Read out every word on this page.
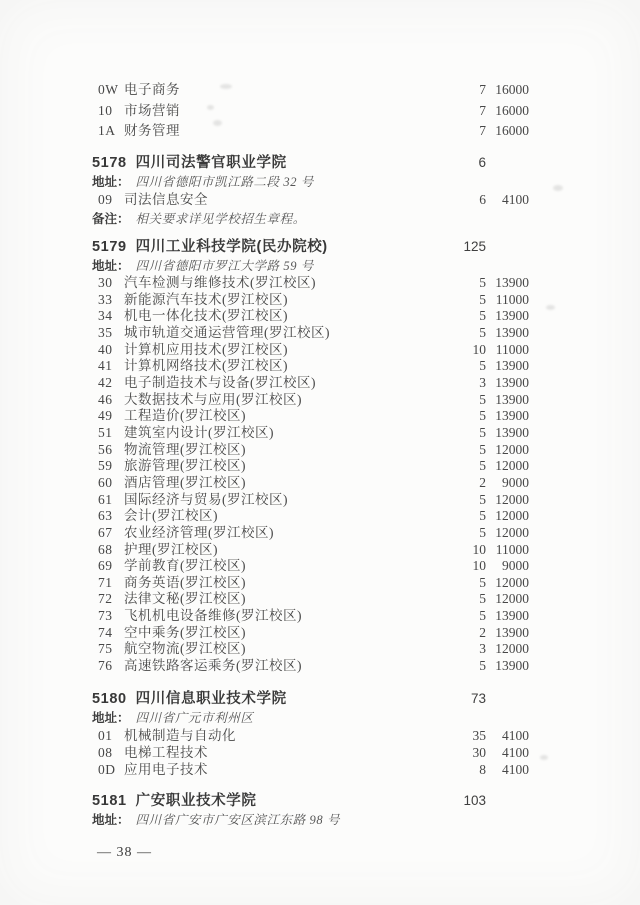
0W 电子商务	7 16000
10 市场营销	7 16000
1A 财务管理	7 16000
5178 四川司法警官职业学院	6
地址： 四川省德阳市凯江路二段 32 号
09 司法信息安全	6	4100
备注： 相关要求详见学校招生章程。
5179 四川工业科技学院(民办院校)	125
地址： 四川省德阳市罗江大学路 59 号
30 汽车检测与维修技术(罗江校区)	5 13900
33 新能源汽车技术(罗江校区)	5 11000
34 机电一体化技术(罗江校区)	5 13900
35 城市轨道交通运营管理(罗江校区)	5 13900
40 计算机应用技术(罗江校区)	10 11000
41 计算机网络技术(罗江校区)	5 13900
42 电子制造技术与设备(罗江校区)	3 13900
46 大数据技术与应用(罗江校区)	5 13900
49 工程造价(罗江校区)	5 13900
51 建筑室内设计(罗江校区)	5 13900
56 物流管理(罗江校区)	5 12000
59 旅游管理(罗江校区)	5 12000
60 酒店管理(罗江校区)	2	9000
61 国际经济与贸易(罗江校区)	5 12000
63 会计(罗江校区)	5 12000
67 农业经济管理(罗江校区)	5 12000
68 护理(罗江校区)	10 11000
69 学前教育(罗江校区)	10	9000
71 商务英语(罗江校区)	5 12000
72 法律文秘(罗江校区)	5 12000
73 飞机机电设备维修(罗江校区)	5 13900
74 空中乘务(罗江校区)	2 13900
75 航空物流(罗江校区)	3 12000
76 高速铁路客运乘务(罗江校区)	5 13900
5180 四川信息职业技术学院	73
地址： 四川省广元市利州区
01 机械制造与自动化	35	4100
08 电梯工程技术	30	4100
0D 应用电子技术	8	4100
5181 广安职业技术学院	103
地址： 四川省广安市广安区滨江东路 98 号
— 38 —
